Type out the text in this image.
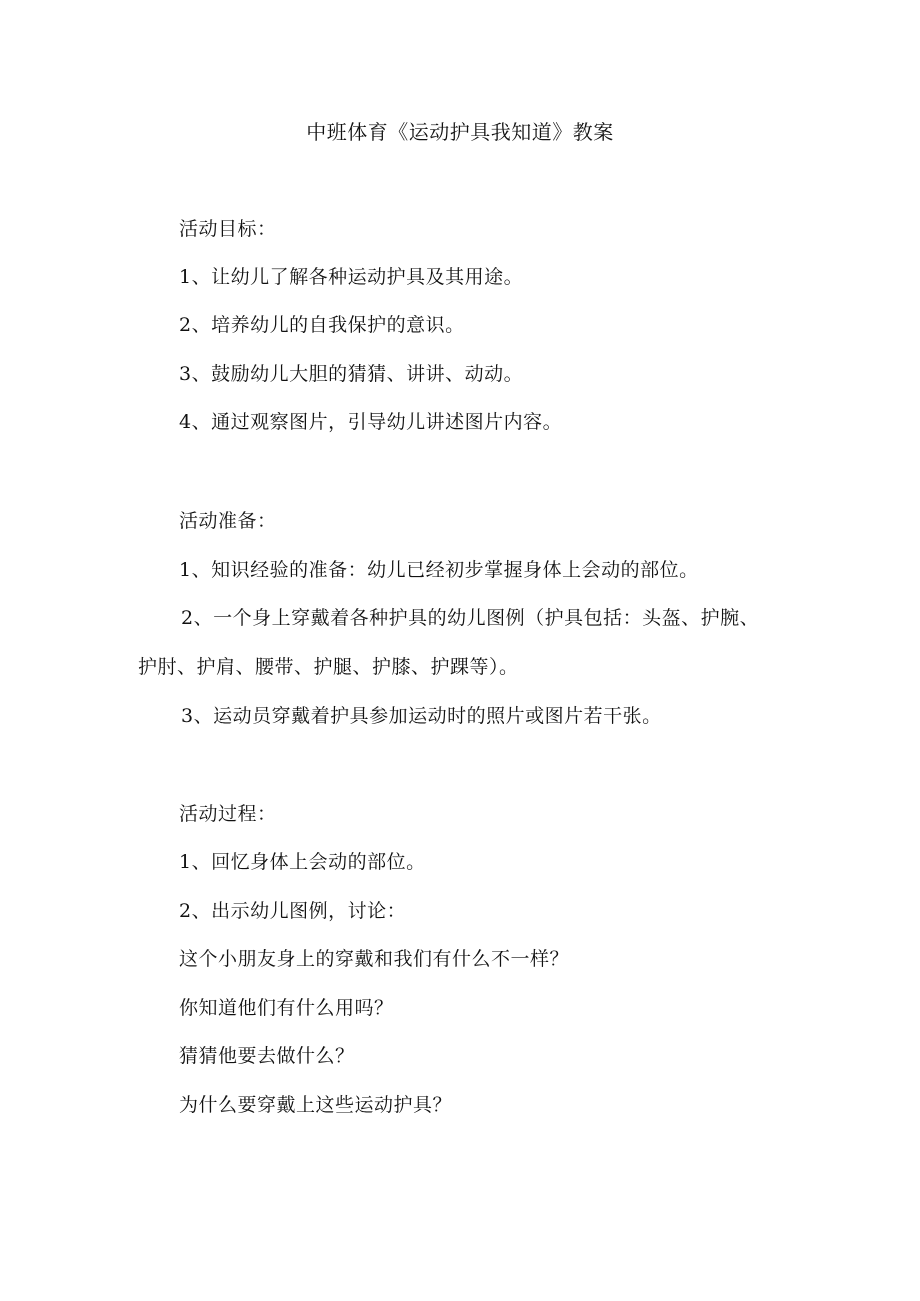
中班体育《运动护具我知道》教案
活动目标：
1、让幼儿了解各种运动护具及其用途。
2、培养幼儿的自我保护的意识。
3、鼓励幼儿大胆的猜猜、讲讲、动动。
4、通过观察图片，引导幼儿讲述图片内容。
活动准备：
1、知识经验的准备：幼儿已经初步掌握身体上会动的部位。
2、一个身上穿戴着各种护具的幼儿图例（护具包括：头盔、护腕、
护肘、护肩、腰带、护腿、护膝、护踝等）。
3、运动员穿戴着护具参加运动时的照片或图片若干张。
活动过程：
1、回忆身体上会动的部位。
2、出示幼儿图例，讨论：
这个小朋友身上的穿戴和我们有什么不一样？
你知道他们有什么用吗？
猜猜他要去做什么？
为什么要穿戴上这些运动护具？
